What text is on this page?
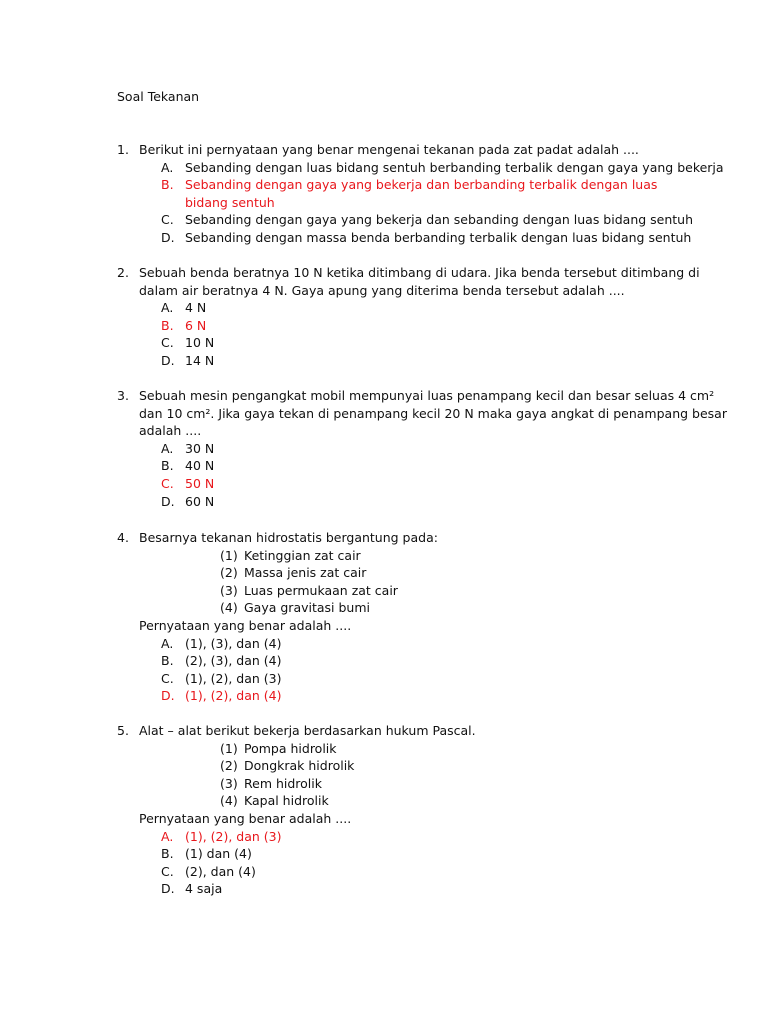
Soal Tekanan
1. Berikut ini pernyataan yang benar mengenai tekanan pada zat padat adalah ....
A. Sebanding dengan luas bidang sentuh berbanding terbalik dengan gaya yang bekerja
B. Sebanding dengan gaya yang bekerja dan berbanding terbalik dengan luas bidang sentuh
C. Sebanding dengan gaya yang bekerja dan sebanding dengan luas bidang sentuh
D. Sebanding dengan massa benda berbanding terbalik dengan luas bidang sentuh
2. Sebuah benda beratnya 10 N ketika ditimbang di udara. Jika benda tersebut ditimbang di
dalam air beratnya 4 N. Gaya apung yang diterima benda tersebut adalah ....
A. 4 N
B. 6 N
C. 10 N
D. 14 N
3. Sebuah mesin pengangkat mobil mempunyai luas penampang kecil dan besar seluas 4 cm²
dan 10 cm². Jika gaya tekan di penampang kecil 20 N maka gaya angkat di penampang besar
adalah ....
A. 30 N
B. 40 N
C. 50 N
D. 60 N
4. Besarnya tekanan hidrostatis bergantung pada:
(1) Ketinggian zat cair
(2) Massa jenis zat cair
(3) Luas permukaan zat cair
(4) Gaya gravitasi bumi
Pernyataan yang benar adalah ....
A. (1), (3), dan (4)
B. (2), (3), dan (4)
C. (1), (2), dan (3)
D. (1), (2), dan (4)
5. Alat – alat berikut bekerja berdasarkan hukum Pascal.
(1) Pompa hidrolik
(2) Dongkrak hidrolik
(3) Rem hidrolik
(4) Kapal hidrolik
Pernyataan yang benar adalah ....
A. (1), (2), dan (3)
B. (1) dan (4)
C. (2), dan (4)
D. 4 saja
